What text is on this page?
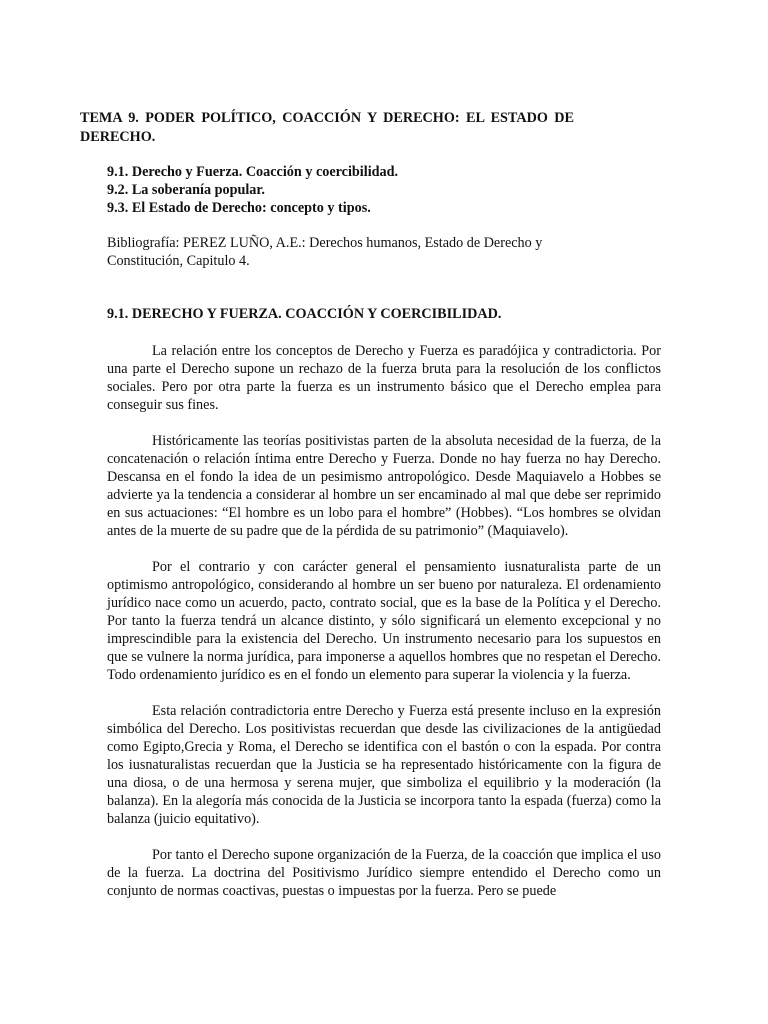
TEMA 9. PODER POLÍTICO, COACCIÓN Y DERECHO: EL ESTADO DE DERECHO.
9.1. Derecho y Fuerza. Coacción y coercibilidad.
9.2. La soberanía popular.
9.3. El Estado de Derecho: concepto y tipos.
Bibliografía: PEREZ LUÑO, A.E.: Derechos humanos, Estado de Derecho y Constitución, Capitulo 4.
9.1. DERECHO Y FUERZA. COACCIÓN Y COERCIBILIDAD.

La relación entre los conceptos de Derecho y Fuerza es paradójica y contradictoria. Por una parte el Derecho supone un rechazo de la fuerza bruta para la resolución de los conflictos sociales. Pero por otra parte la fuerza es un instrumento básico que el Derecho emplea para conseguir sus fines.

Históricamente las teorías positivistas parten de la absoluta necesidad de la fuerza, de la concatenación o relación íntima entre Derecho y Fuerza. Donde no hay fuerza no hay Derecho. Descansa en el fondo la idea de un pesimismo antropológico. Desde Maquiavelo a Hobbes se advierte ya la tendencia a considerar al hombre un ser encaminado al mal que debe ser reprimido en sus actuaciones: “El hombre es un lobo para el hombre” (Hobbes). “Los hombres se olvidan antes de la muerte de su padre que de la pérdida de su patrimonio” (Maquiavelo).

Por el contrario y con carácter general el pensamiento iusnaturalista parte de un optimismo antropológico, considerando al hombre un ser bueno por naturaleza. El ordenamiento jurídico nace como un acuerdo, pacto, contrato social, que es la base de la Política y el Derecho. Por tanto la fuerza tendrá un alcance distinto, y sólo significará un elemento excepcional y no imprescindible para la existencia del Derecho. Un instrumento necesario para los supuestos en que se vulnere la norma jurídica, para imponerse a aquellos hombres que no respetan el Derecho. Todo ordenamiento jurídico es en el fondo un elemento para superar la violencia y la fuerza.

Esta relación contradictoria entre Derecho y Fuerza está presente incluso en la expresión simbólica del Derecho. Los positivistas recuerdan que desde las civilizaciones de la antigüedad como Egipto,Grecia y Roma, el Derecho se identifica con el bastón o con la espada. Por contra los iusnaturalistas recuerdan que la Justicia se ha representado históricamente con la figura de una diosa, o de una hermosa y serena mujer, que simboliza el equilibrio y la moderación (la balanza). En la alegoría más conocida de la Justicia se incorpora tanto la espada (fuerza) como la balanza (juicio equitativo).

Por tanto el Derecho supone organización de la Fuerza, de la coacción que implica el uso de la fuerza. La doctrina del Positivismo Jurídico siempre entendido el Derecho como un conjunto de normas coactivas, puestas o impuestas por la fuerza. Pero se puede
